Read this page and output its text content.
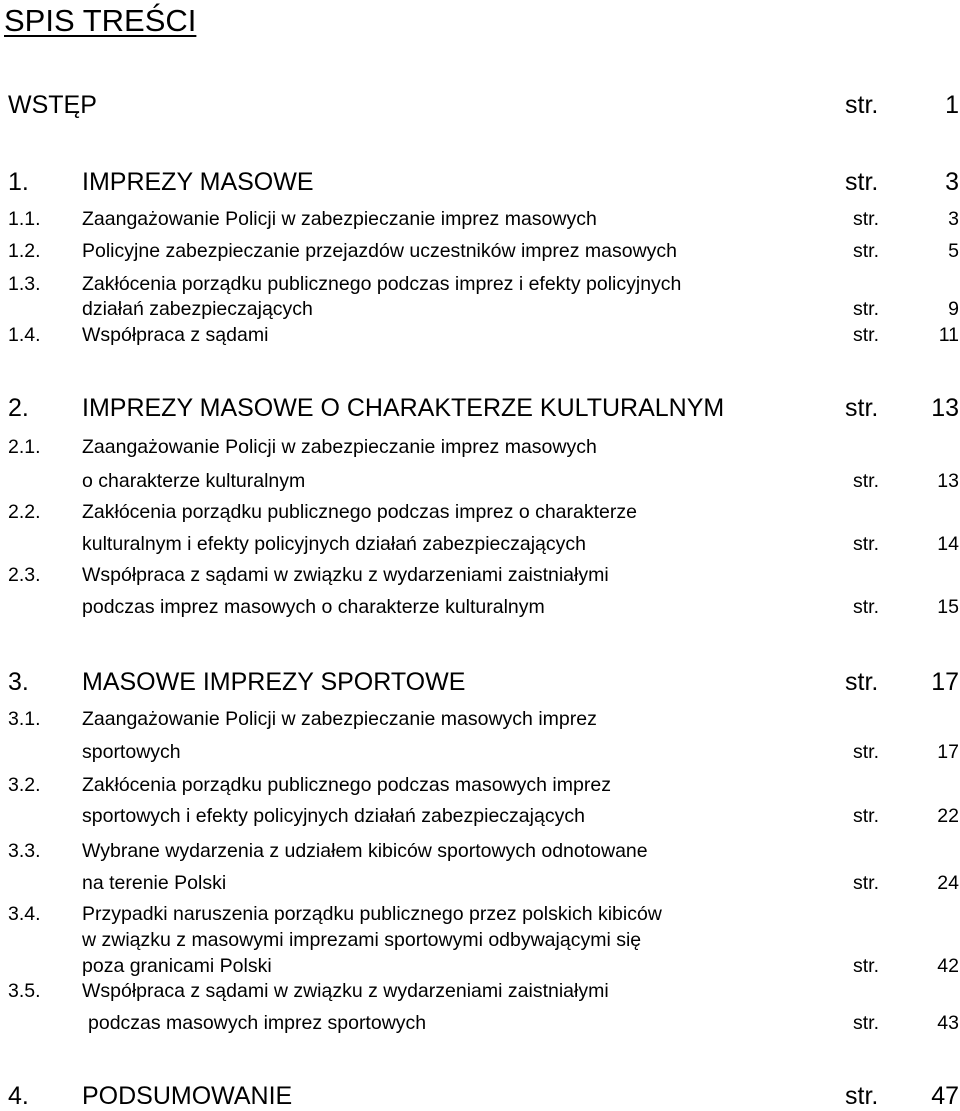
SPIS TREŚCI
WSTĘP	str.	1
1. IMPREZY MASOWE	str.	3
1.1. Zaangażowanie Policji w zabezpieczanie imprez masowych	str.	3
1.2. Policyjne zabezpieczanie przejazdów uczestników imprez masowych	str.	5
1.3. Zakłócenia porządku publicznego podczas imprez i efekty policyjnych
działań zabezpieczających	str.	9
1.4. Współpraca z sądami	str.	11
2. IMPREZY MASOWE O CHARAKTERZE KULTURALNYM	str. 13
2.1. Zaangażowanie Policji w zabezpieczanie imprez masowych
o charakterze kulturalnym	str.	13
2.2. Zakłócenia porządku publicznego podczas imprez o charakterze
kulturalnym i efekty policyjnych działań zabezpieczających	str.	14
2.3. Współpraca z sądami w związku z wydarzeniami zaistniałymi
podczas imprez masowych o charakterze kulturalnym	str.	15
3. MASOWE IMPREZY SPORTOWE	str. 17
3.1. Zaangażowanie Policji w zabezpieczanie masowych imprez
sportowych	str.	17
3.2. Zakłócenia porządku publicznego podczas masowych imprez
sportowych i efekty policyjnych działań zabezpieczających	str.	22
3.3. Wybrane wydarzenia z udziałem kibiców sportowych odnotowane
na terenie Polski	str.	24
3.4. Przypadki naruszenia porządku publicznego przez polskich kibiców
w związku z masowymi imprezami sportowymi odbywającymi się
poza granicami Polski	str.	42
3.5. Współpraca z sądami w związku z wydarzeniami zaistniałymi
podczas masowych imprez sportowych	str.	43
4. PODSUMOWANIE	str. 47
